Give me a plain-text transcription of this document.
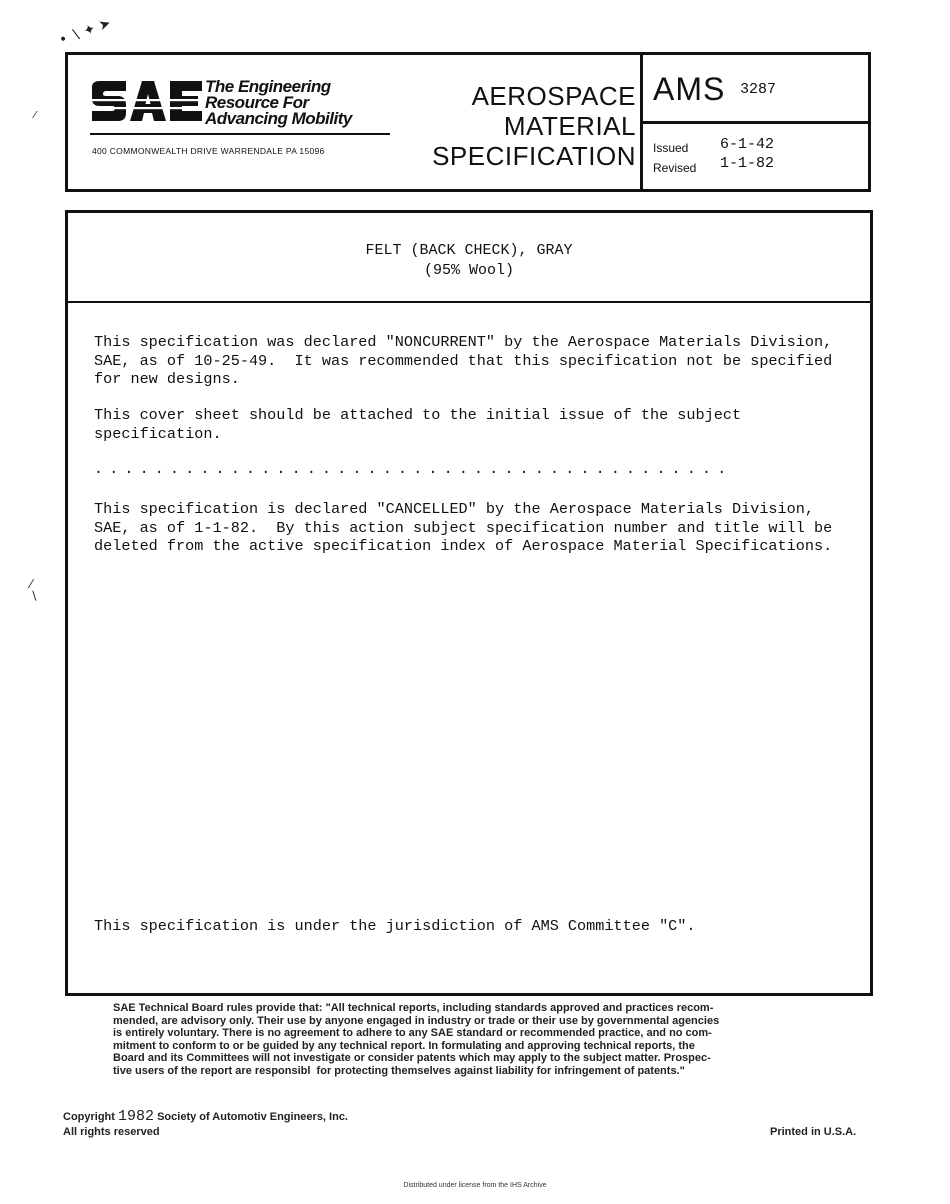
• ∖ ✦ ➤
⁄
⁄
∖
The Engineering
Resource For
Advancing Mobility
400 COMMONWEALTH DRIVE WARRENDALE PA 15096
AEROSPACE
MATERIAL
SPECIFICATION
AMS 3287
Issued 6-1-42
Revised 1-1-82
FELT (BACK CHECK), GRAY
(95% Wool)
This specification was declared "NONCURRENT" by the Aerospace Materials Division,
SAE, as of 10-25-49.  It was recommended that this specification not be specified
for new designs.
This cover sheet should be attached to the initial issue of the subject
specification.
..........................................
This specification is declared "CANCELLED" by the Aerospace Materials Division,
SAE, as of 1-1-82.  By this action subject specification number and title will be
deleted from the active specification index of Aerospace Material Specifications.
This specification is under the jurisdiction of AMS Committee "C".
SAE Technical Board rules provide that: "All technical reports, including standards approved and practices recom-
mended, are advisory only. Their use by anyone engaged in industry or trade or their use by governmental agencies
is entirely voluntary. There is no agreement to adhere to any SAE standard or recommended practice, and no com-
mitment to conform to or be guided by any technical report. In formulating and approving technical reports, the
Board and its Committees will not investigate or consider patents which may apply to the subject matter. Prospec-
tive users of the report are responsibl  for protecting themselves against liability for infringement of patents."
Copyright 1982 Society of Automotiv Engineers, Inc.
All rights reserved	Printed in U.S.A.
Distributed under license from the IHS Archive
